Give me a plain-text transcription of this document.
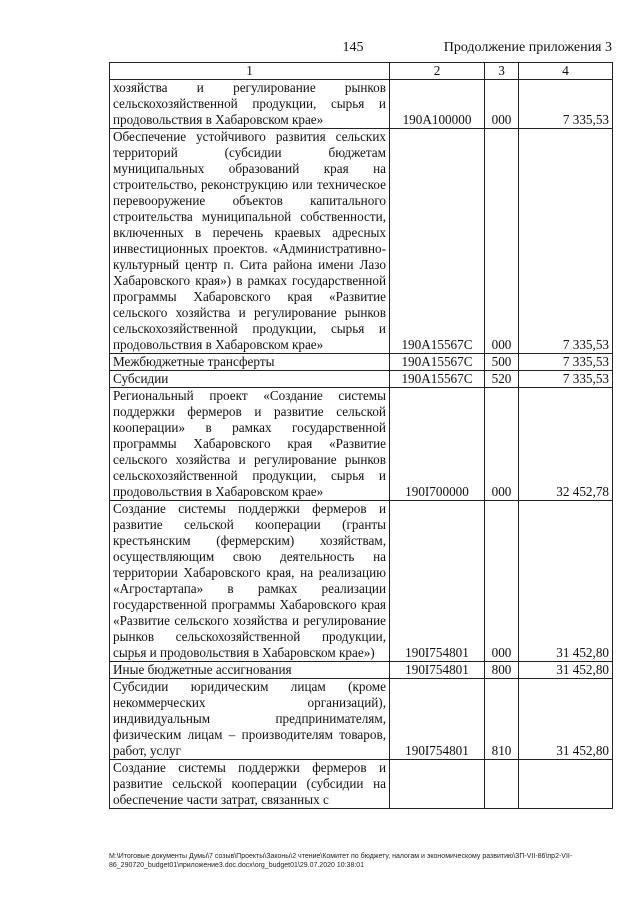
145	Продолжение приложения 3
1	2	3	4
хозяйства и регулирование рынков сельскохозяйственной продукции, сырья и продовольствия в Хабаровском крае»	190А100000	000	7 335,53
Обеспечение устойчивого развития сельских территорий (субсидии бюджетам муниципальных образований края на строительство, реконструкцию или техническое перевооружение объектов капитального строительства муниципальной собственности, включенных в перечень краевых адресных инвестиционных проектов. «Административно-культурный центр п. Сита района имени Лазо Хабаровского края») в рамках государственной программы Хабаровского края «Развитие сельского хозяйства и регулирование рынков сельскохозяйственной продукции, сырья и продовольствия в Хабаровском крае»	190А15567С	000	7 335,53
Межбюджетные трансферты	190А15567С	500	7 335,53
Субсидии	190А15567С	520	7 335,53
Региональный проект «Создание системы поддержки фермеров и развитие сельской кооперации» в рамках государственной программы Хабаровского края «Развитие сельского хозяйства и регулирование рынков сельскохозяйственной продукции, сырья и продовольствия в Хабаровском крае»	190I700000	000	32 452,78
Создание системы поддержки фермеров и развитие сельской кооперации (гранты крестьянским (фермерским) хозяйствам, осуществляющим свою деятельность на территории Хабаровского края, на реализацию «Агростартапа» в рамках реализации государственной программы Хабаровского края «Развитие сельского хозяйства и регулирование рынков сельскохозяйственной продукции, сырья и продовольствия в Хабаровском крае»)	190I754801	000	31 452,80
Иные бюджетные ассигнования	190I754801	800	31 452,80
Субсидии юридическим лицам (кроме некоммерческих организаций), индивидуальным предпринимателям, физическим лицам – производителям товаров, работ, услуг	190I754801	810	31 452,80
Создание системы поддержки фермеров и развитие сельской кооперации (субсидии на обеспечение части затрат, связанных с			
M:\Итоговые документы Думы\7 созыв\Проекты\Законы\2 чтение\Комитет по бюджету, налогам и экономическому развитию\ЗП-VII-86\пр2-VII-86_290720_budget01\приложение3.doc.docx\org_budget01\29.07.2020 10:38:01
